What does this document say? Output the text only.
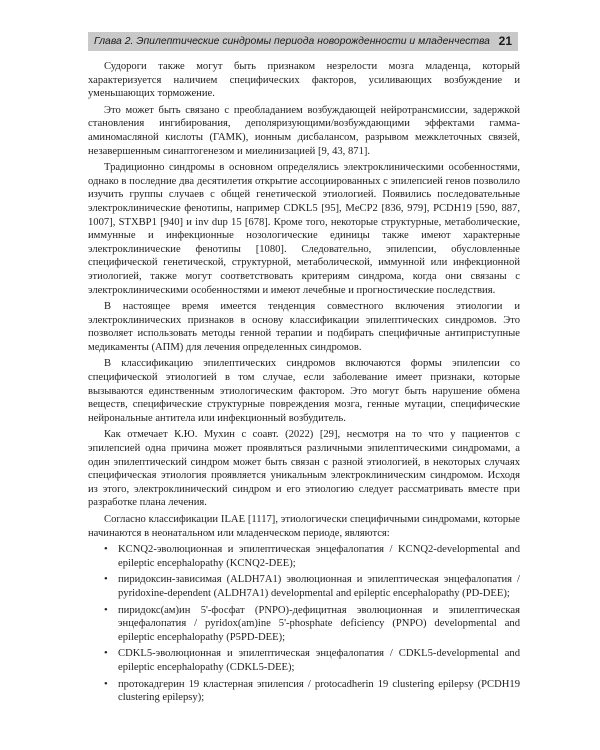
Глава 2. Эпилептические синдромы периода новорожденности и младенчества 21

Судороги также могут быть признаком незрелости мозга младенца, который характеризуется наличием специфических факторов, усиливающих возбуждение и уменьшающих торможение.

Это может быть связано с преобладанием возбуждающей нейротрансмиссии, задержкой становления ингибирования, деполяризующими/возбуждающими эффектами гамма-аминомасляной кислоты (ГАМК), ионным дисбалансом, разрывом межклеточных связей, незавершенным синаптогенезом и миелинизацией [9, 43, 871].

Традиционно синдромы в основном определялись электроклиническими особенностями, однако в последние два десятилетия открытие ассоциированных с эпилепсией генов позволило изучить группы случаев с общей генетической этиологией. Появились последовательные электроклинические фенотипы, например CDKL5 [95], MeCP2 [836, 979], PCDH19 [590, 887, 1007], STXBP1 [940] и inv dup 15 [678]. Кроме того, некоторые структурные, метаболические, иммунные и инфекционные нозологические единицы также имеют характерные электроклинические фенотипы [1080]. Следовательно, эпилепсии, обусловленные специфической генетической, структурной, метаболической, иммунной или инфекционной этиологией, также могут соответствовать критериям синдрома, когда они связаны с электроклиническими особенностями и имеют лечебные и прогностические последствия.

В настоящее время имеется тенденция совместного включения этиологии и электроклинических признаков в основу классификации эпилептических синдромов. Это позволяет использовать методы генной терапии и подбирать специфичные антиприступные медикаменты (АПМ) для лечения определенных синдромов.

В классификацию эпилептических синдромов включаются формы эпилепсии со специфической этиологией в том случае, если заболевание имеет признаки, которые вызываются единственным этиологическим фактором. Это могут быть нарушение обмена веществ, специфические структурные повреждения мозга, генные мутации, специфические нейрональные антитела или инфекционный возбудитель.

Как отмечает К.Ю. Мухин с соавт. (2022) [29], несмотря на то что у пациентов с эпилепсией одна причина может проявляться различными эпилептическими синдромами, а один эпилептический синдром может быть связан с разной этиологией, в некоторых случаях специфическая этиология проявляется уникальным электроклиническим синдромом. Исходя из этого, электроклинический синдром и его этиологию следует рассматривать вместе при разработке плана лечения.

Согласно классификации ILAE [1117], этиологически специфичными синдромами, которые начинаются в неонатальном или младенческом периоде, являются:

• KCNQ2-эволюционная и эпилептическая энцефалопатия / KCNQ2-developmental and epileptic encephalopathy (KCNQ2-DEE);
• пиридоксин-зависимая (ALDH7A1) эволюционная и эпилептическая энцефалопатия / pyridoxine-dependent (ALDH7A1) developmental and epileptic encephalopathy (PD-DEE);
• пиридокс(ам)ин 5'-фосфат (PNPO)-дефицитная эволюционная и эпилептическая энцефалопатия / pyridox(am)ine 5'-phosphate deficiency (PNPO) developmental and epileptic encephalopathy (P5PD-DEE);
• CDKL5-эволюционная и эпилептическая энцефалопатия / CDKL5-developmental and epileptic encephalopathy (CDKL5-DEE);
• протокадгерин 19 кластерная эпилепсия / protocadherin 19 clustering epilepsy (PCDH19 clustering epilepsy);
